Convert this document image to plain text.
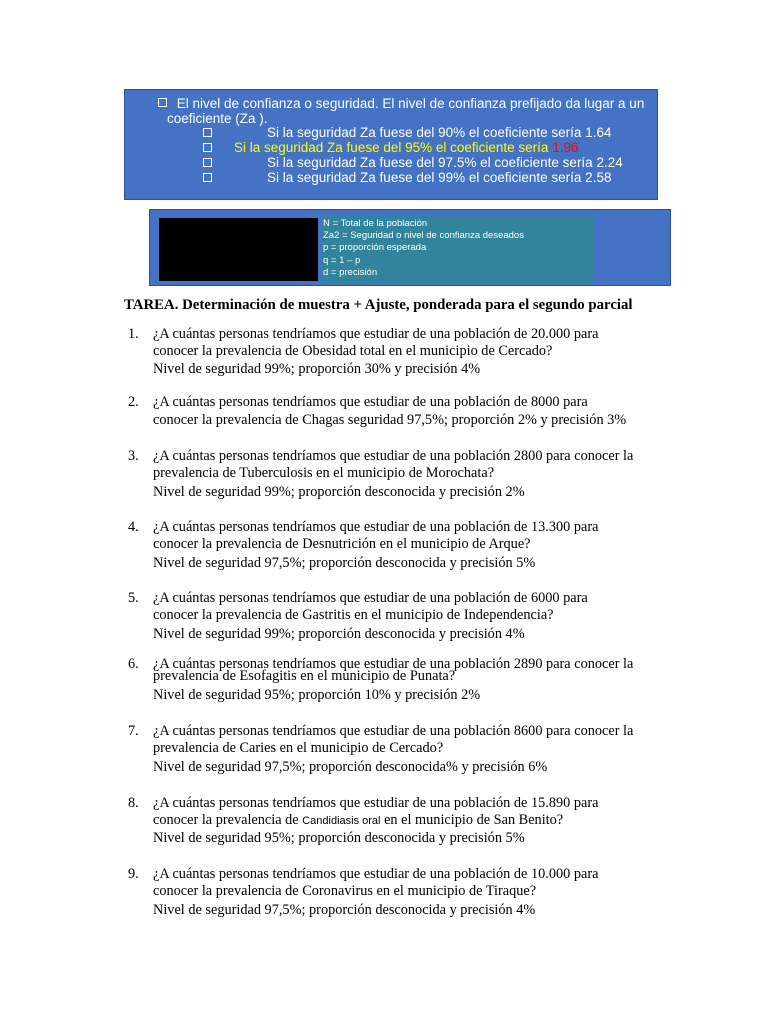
El nivel de confianza o seguridad. El nivel de confianza prefijado da lugar a un
coeficiente (Za ).
Si la seguridad Za fuese del 90% el coeficiente sería 1.64
Si la seguridad Za fuese del 95% el coeficiente sería 1.96
Si la seguridad Za fuese del 97.5% el coeficiente sería 2.24
Si la seguridad Za fuese del 99% el coeficiente sería 2.58
N = Total de la población
Za2 = Seguridad o nivel de confianza deseados
p = proporción esperada
q = 1 – p
d = precisión
TAREA. Determinación de muestra + Ajuste, ponderada para el segundo parcial
1. ¿A cuántas personas tendríamos que estudiar de una población de 20.000 para
conocer la prevalencia de Obesidad total en el municipio de Cercado?
Nivel de seguridad 99%; proporción 30% y precisión 4%
2. ¿A cuántas personas tendríamos que estudiar de una población de 8000 para
conocer la prevalencia de Chagas seguridad 97,5%; proporción 2% y precisión 3%
3. ¿A cuántas personas tendríamos que estudiar de una población 2800 para conocer la
prevalencia de Tuberculosis en el municipio de Morochata?
Nivel de seguridad 99%; proporción desconocida y precisión 2%
4. ¿A cuántas personas tendríamos que estudiar de una población de 13.300 para
conocer la prevalencia de Desnutrición en el municipio de Arque?
Nivel de seguridad 97,5%; proporción desconocida y precisión 5%
5. ¿A cuántas personas tendríamos que estudiar de una población de 6000 para
conocer la prevalencia de Gastritis en el municipio de Independencia?
Nivel de seguridad 99%; proporción desconocida y precisión 4%
6. ¿A cuántas personas tendríamos que estudiar de una población 2890 para conocer la
prevalencia de Esofagitis en el municipio de Punata?
Nivel de seguridad 95%; proporción 10% y precisión 2%
7. ¿A cuántas personas tendríamos que estudiar de una población 8600 para conocer la
prevalencia de Caries en el municipio de Cercado?
Nivel de seguridad 97,5%; proporción desconocida% y precisión 6%
8. ¿A cuántas personas tendríamos que estudiar de una población de 15.890 para
conocer la prevalencia de Candidiasis oral en el municipio de San Benito?
Nivel de seguridad 95%; proporción desconocida y precisión 5%
9. ¿A cuántas personas tendríamos que estudiar de una población de 10.000 para
conocer la prevalencia de Coronavirus en el municipio de Tiraque?
Nivel de seguridad 97,5%; proporción desconocida y precisión 4%
